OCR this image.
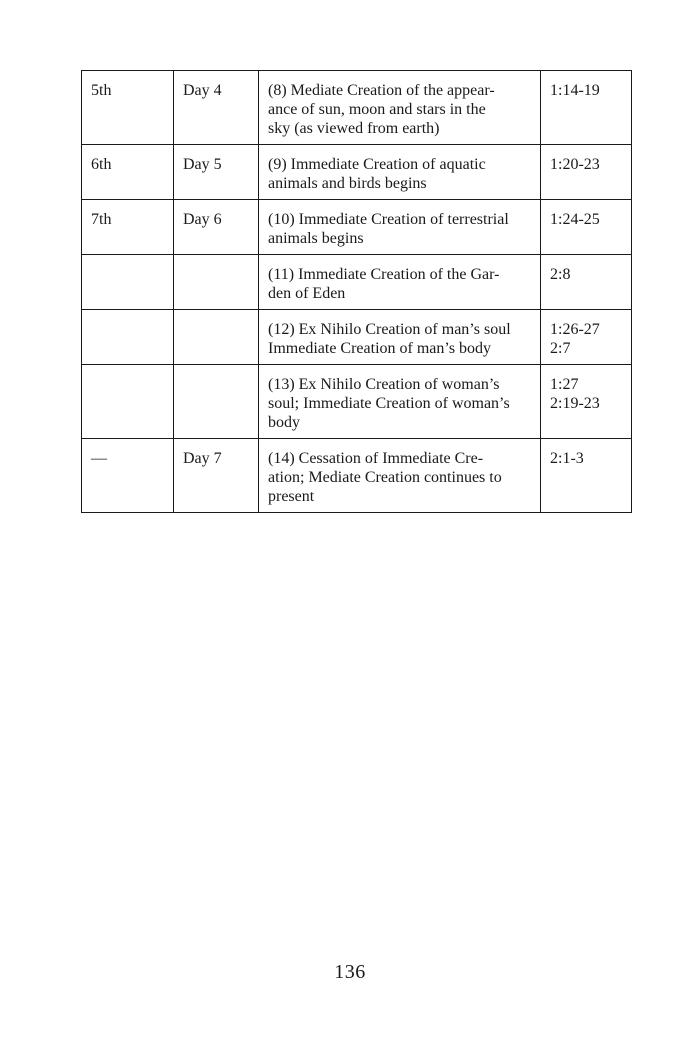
5th	Day 4	(8) Mediate Creation of the appear-
ance of sun, moon and stars in the
sky (as viewed from earth)	1:14-19

6th	Day 5	(9) Immediate Creation of aquatic
animals and birds begins	1:20-23

7th	Day 6	(10) Immediate Creation of terrestrial
animals begins	1:24-25

		(11) Immediate Creation of the Gar-
den of Eden	2:8

		(12) Ex Nihilo Creation of man’s soul
Immediate Creation of man’s body	1:26-27
2:7

		(13) Ex Nihilo Creation of woman’s
soul; Immediate Creation of woman’s
body	1:27
2:19-23

—	Day 7	(14) Cessation of Immediate Cre-
ation; Mediate Creation continues to
present	2:1-3
136
